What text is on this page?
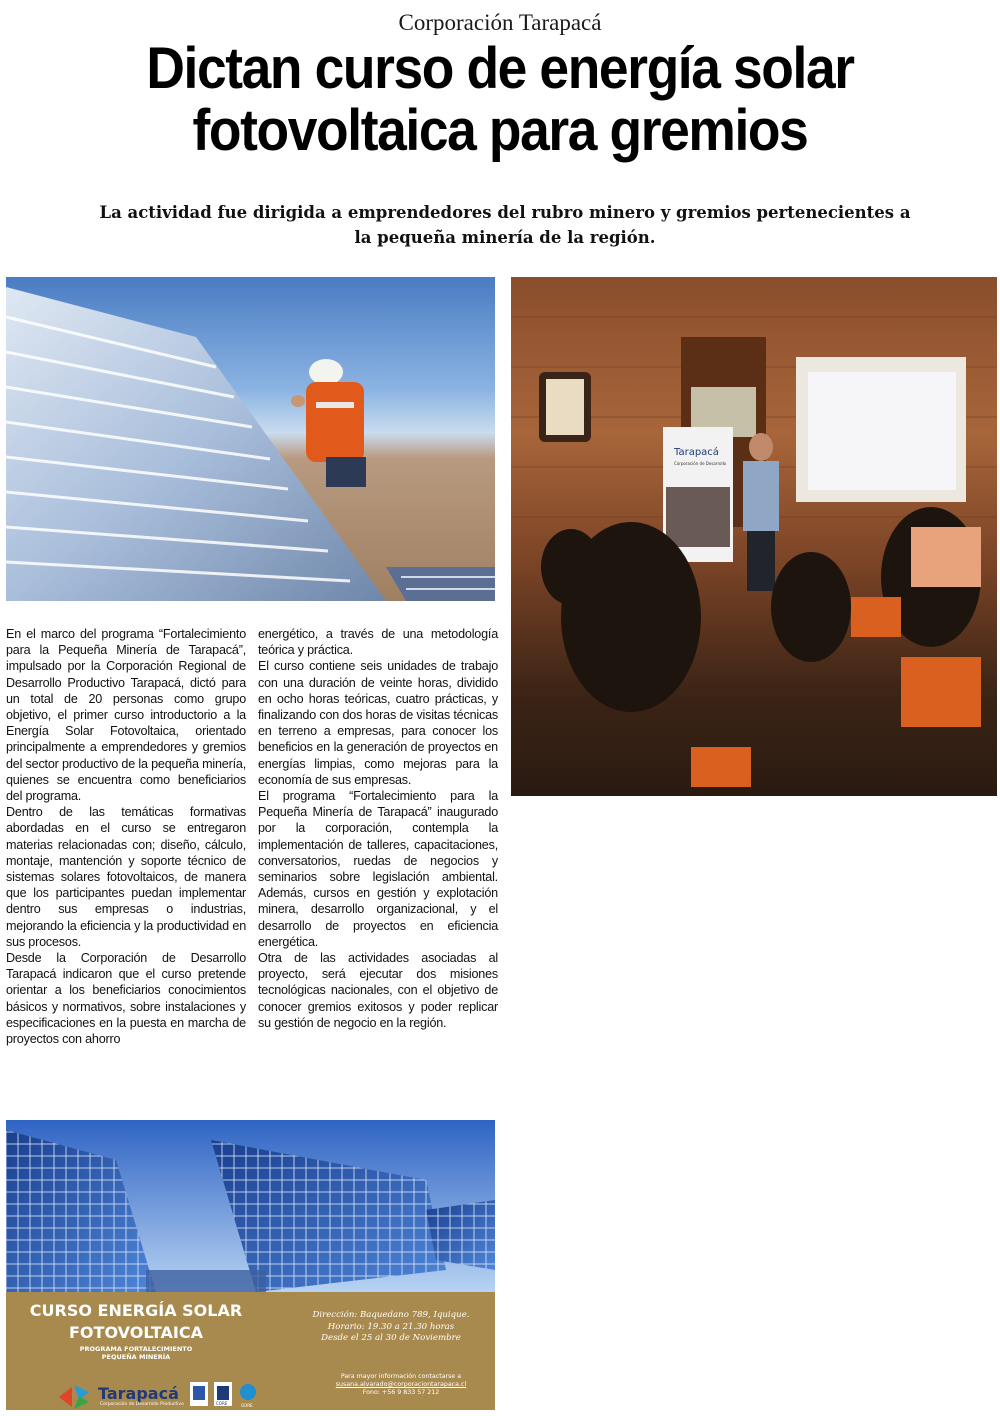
Corporación Tarapacá
Dictan curso de energía solar
fotovoltaica para gremios
La actividad fue dirigida a emprendedores del rubro minero y gremios pertenecientes a
la pequeña minería de la región.
Tarapacá
Corporación de Desarrollo

En el marco del programa “Fortalecimiento para la Pequeña Minería de Tarapacá”, impulsado por la Corporación Regional de Desarrollo Productivo Tarapacá, dictó para un total de 20 personas como grupo objetivo, el primer curso introductorio a la Energía Solar Fotovoltaica, orientado principalmente a emprendedores y gremios del sector productivo de la pequeña minería, quienes se encuentra como beneficiarios del programa.

Dentro de las temáticas formativas abordadas en el curso se entregaron materias relacionadas con; diseño, cálculo, montaje, mantención y soporte técnico de sistemas solares fotovoltaicos, de manera que los participantes puedan implementar dentro sus empresas o industrias, mejorando la eficiencia y la productividad en sus procesos.

Desde la Corporación de Desarrollo Tarapacá indicaron que el curso pretende orientar a los beneficiarios conocimientos básicos y normativos, sobre instalaciones y especificaciones en la puesta en marcha de proyectos con ahorro

energético, a través de una metodología teórica y práctica.

El curso contiene seis unidades de trabajo con una duración de veinte horas, dividido en ocho horas teóricas, cuatro prácticas, y finalizando con dos horas de visitas técnicas en terreno a empresas, para conocer los beneficios en la generación de proyectos en energías limpias, como mejoras para la economía de sus empresas.

El programa “Fortalecimiento para la Pequeña Minería de Tarapacá” inaugurado por la corporación, contempla la implementación de talleres, capacitaciones, conversatorios, ruedas de negocios y seminarios sobre legislación ambiental. Además, cursos en gestión y explotación minera, desarrollo organizacional, y el desarrollo de proyectos en eficiencia energética.

Otra de las actividades asociadas al proyecto, será ejecutar dos misiones tecnológicas nacionales, con el objetivo de conocer gremios exitosos y poder replicar su gestión de negocio en la región.

CURSO ENERGÍA SOLAR
FOTOVOLTAICA
PROGRAMA FORTALECIMIENTO
PEQUEÑA MINERÍA
Dirección: Baquedano 789, Iquique.
Horario: 19.30 a 21.30 horas
Desde el 25 al 30 de Noviembre
Para mayor información contactarse a
susana.alvarado@corporaciontarapaca.cl
Fono: +56 9 833 57 212
Tarapacá
Corporación de Desarrollo Productivo	CORE	GORE
